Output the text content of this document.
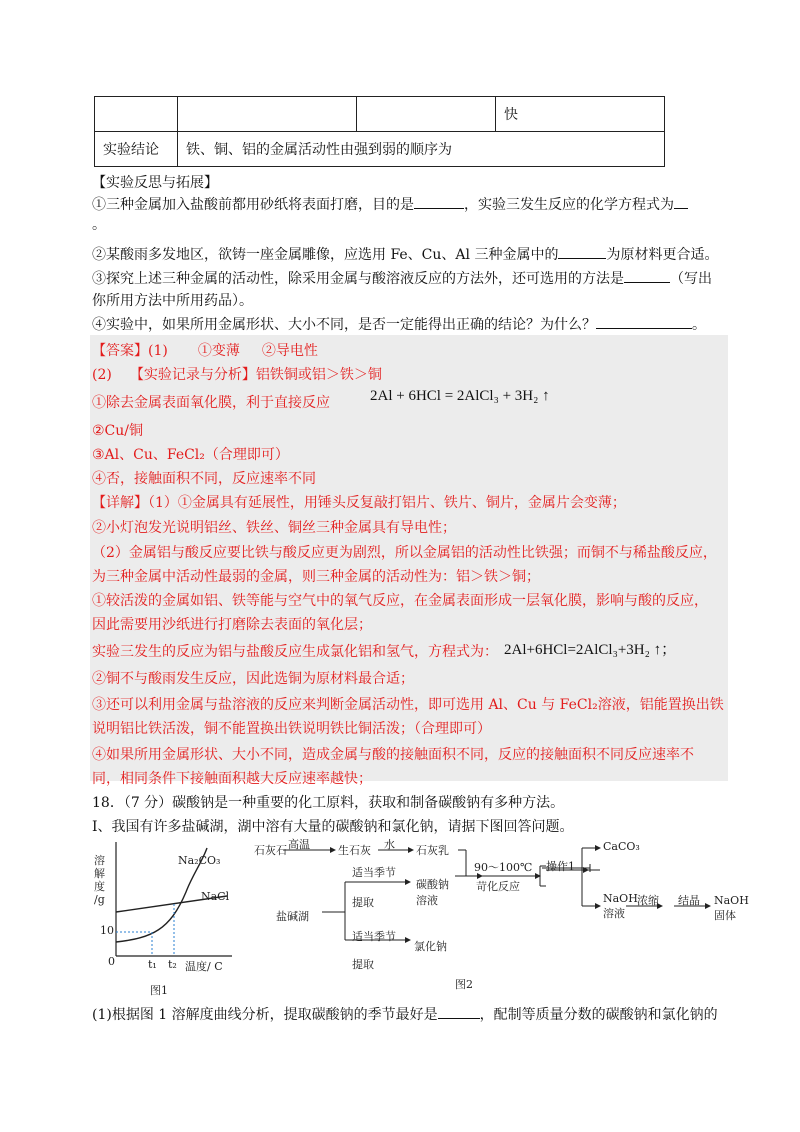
			快
实验结论	铁、铜、铝的金属活动性由强到弱的顺序为		
【实验反思与拓展】
①三种金属加入盐酸前都用砂纸将表面打磨，目的是	，实验三发生反应的化学方程式为
。
②某酸雨多发地区，欲铸一座金属雕像，应选用 Fe、Cu、Al 三种金属中的	为原材料更合适。
③探究上述三种金属的活动性，除采用金属与酸溶液反应的方法外，还可选用的方法是	（写出
你所用方法中所用药品）。
④实验中，如果所用金属形状、大小不同，是否一定能得出正确的结论？为什么？	。
【答案】(1) ①变薄 ②导电性
(2) 【实验记录与分析】铝铁铜或铝＞铁＞铜
①除去金属表面氧化膜，利于直接反应	2Al + 6HCl = 2AlCl₃ + 3H₂ ↑
②Cu/铜
③Al、Cu、FeCl₂（合理即可）
④否，接触面积不同，反应速率不同
【详解】（1）①金属具有延展性，用锤头反复敲打铝片、铁片、铜片，金属片会变薄；
②小灯泡发光说明铝丝、铁丝、铜丝三种金属具有导电性；
（2）金属铝与酸反应要比铁与酸反应更为剧烈，所以金属铝的活动性比铁强；而铜不与稀盐酸反应，
为三种金属中活动性最弱的金属，则三种金属的活动性为：铝＞铁＞铜；
①较活泼的金属如铝、铁等能与空气中的氧气反应，在金属表面形成一层氧化膜，影响与酸的反应，
因此需要用沙纸进行打磨除去表面的氧化层；
实验三发生的反应为铝与盐酸反应生成氯化铝和氢气，方程式为： 2Al+6HCl=2AlCl₃+3H₂ ↑；
②铜不与酸雨发生反应，因此选铜为原材料最合适；
③还可以利用金属与盐溶液的反应来判断金属活动性，即可选用 Al、Cu 与 FeCl₂溶液，铝能置换出铁
说明铝比铁活泼，铜不能置换出铁说明铁比铜活泼；（合理即可）
④如果所用金属形状、大小不同，造成金属与酸的接触面积不同，反应的接触面积不同反应速率不
同，相同条件下接触面积越大反应速率越快；
18．（7 分）碳酸钠是一种重要的化工原料，获取和制备碳酸钠有多种方法。
Ⅰ、我国有许多盐碱湖，湖中溶有大量的碳酸钠和氯化钠，请据下图回答问题。
溶
解
度
/g
Na₂CO₃
NaCl
10
0	t₁ t₂ 温度/ C
图1
石灰石 高温	生石灰 水 石灰乳
90～100℃
苛化反应
操作1
CaCO₃
NaOH
溶液
浓缩 结晶 NaOH
固体
适当季节
提取
碳酸钠
溶液
盐碱湖
适当季节
提取
氯化钠
图2
(1)根据图 1 溶解度曲线分析，提取碳酸钠的季节最好是	，配制等质量分数的碳酸钠和氯化钠的
